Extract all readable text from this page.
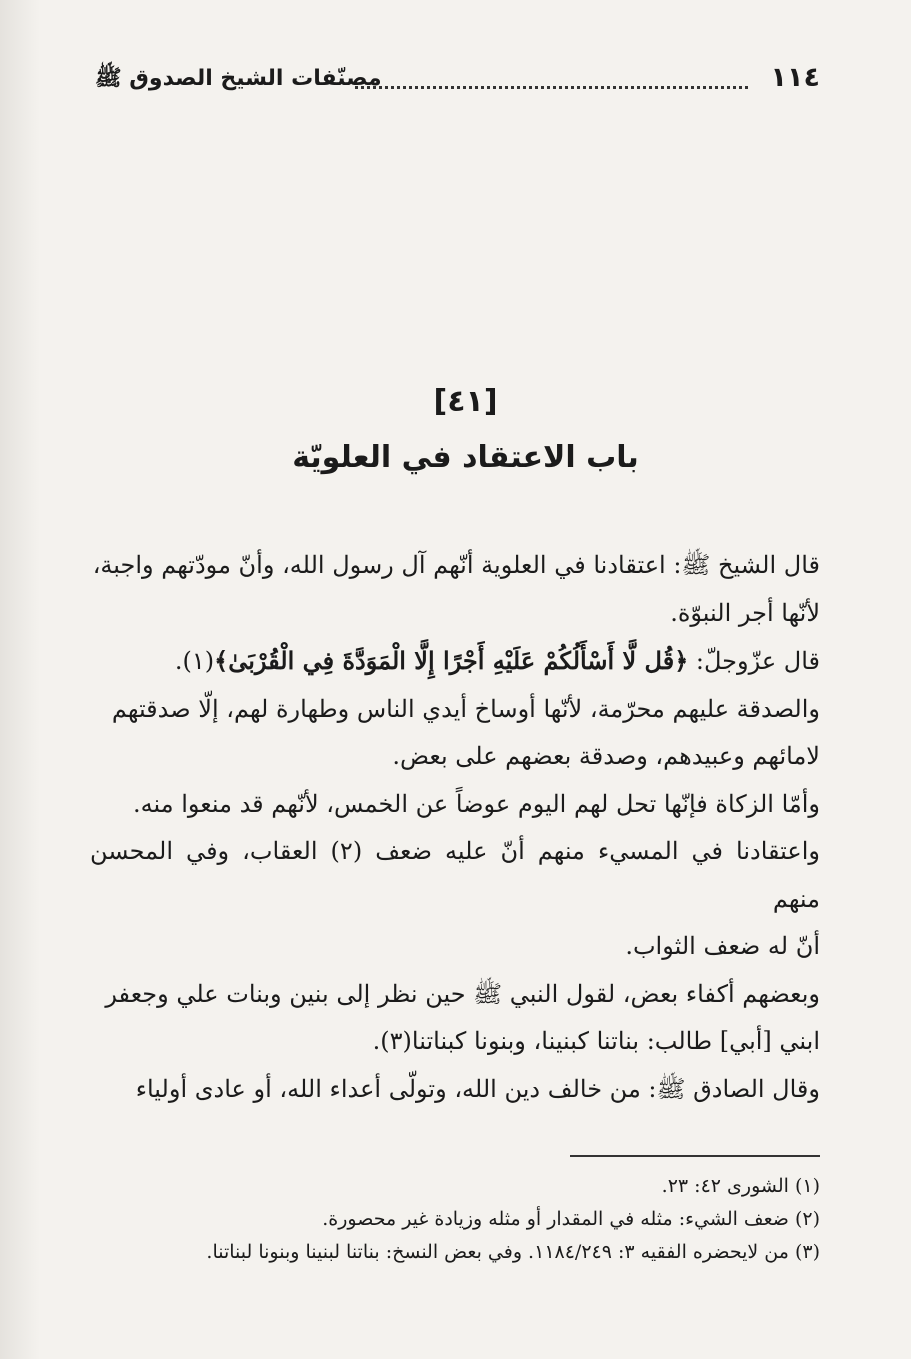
١١٤
مصنّفات الشيخ الصدوق ﷺ
[٤١]
باب الاعتقاد في العلويّة

قال الشيخ ﷺ: اعتقادنا في العلوية أنّهم آل رسول الله، وأنّ مودّتهم واجبة،

لأنّها أجر النبوّة.

قال عزّوجلّ: ﴿قُل لَّا أَسْأَلُكُمْ عَلَيْهِ أَجْرًا إِلَّا الْمَوَدَّةَ فِي الْقُرْبَىٰ﴾(١).

والصدقة عليهم محرّمة، لأنّها أوساخ أيدي الناس وطهارة لهم، إلّا صدقتهم

لامائهم وعبيدهم، وصدقة بعضهم على بعض.

وأمّا الزكاة فإنّها تحل لهم اليوم عوضاً عن الخمس، لأنّهم قد منعوا منه.

واعتقادنا في المسيء منهم أنّ عليه ضعف (٢) العقاب، وفي المحسن منهم

أنّ له ضعف الثواب.

وبعضهم أكفاء بعض، لقول النبي ﷺ حين نظر إلى بنين وبنات علي وجعفر

ابني [أبي] طالب: بناتنا كبنينا، وبنونا كبناتنا(٣).

وقال الصادق ﷺ: من خالف دين الله، وتولّى أعداء الله، أو عادى أولياء

(١) الشورى ٤٢: ٢٣.

(٢) ضعف الشيء: مثله في المقدار أو مثله وزيادة غير محصورة.

(٣) من لايحضره الفقيه ٣: ١١٨٤/٢٤٩. وفي بعض النسخ: بناتنا لبنينا وبنونا لبناتنا.
